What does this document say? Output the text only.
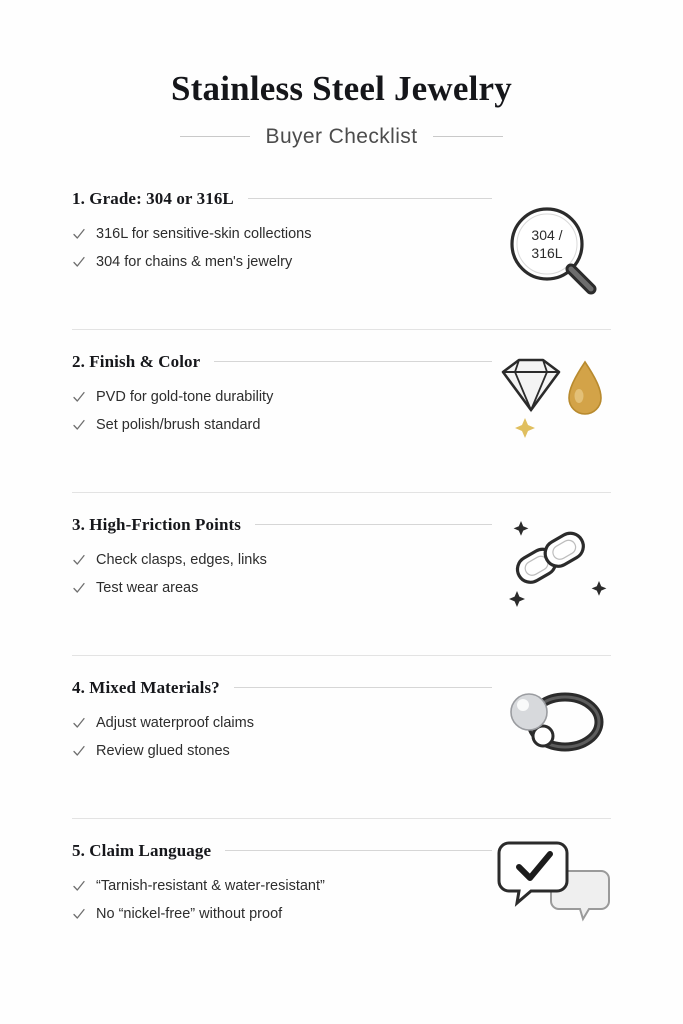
Stainless Steel Jewelry
Buyer Checklist
1. Grade: 304 or 316L
316L for sensitive-skin collections
304 for chains & men's jewelry
304 /
316L
2. Finish & Color
PVD for gold-tone durability
Set polish/brush standard
3. High-Friction Points
Check clasps, edges, links
Test wear areas
4. Mixed Materials?
Adjust waterproof claims
Review glued stones
5. Claim Language
“Tarnish-resistant & water-resistant”
No “nickel-free” without proof
